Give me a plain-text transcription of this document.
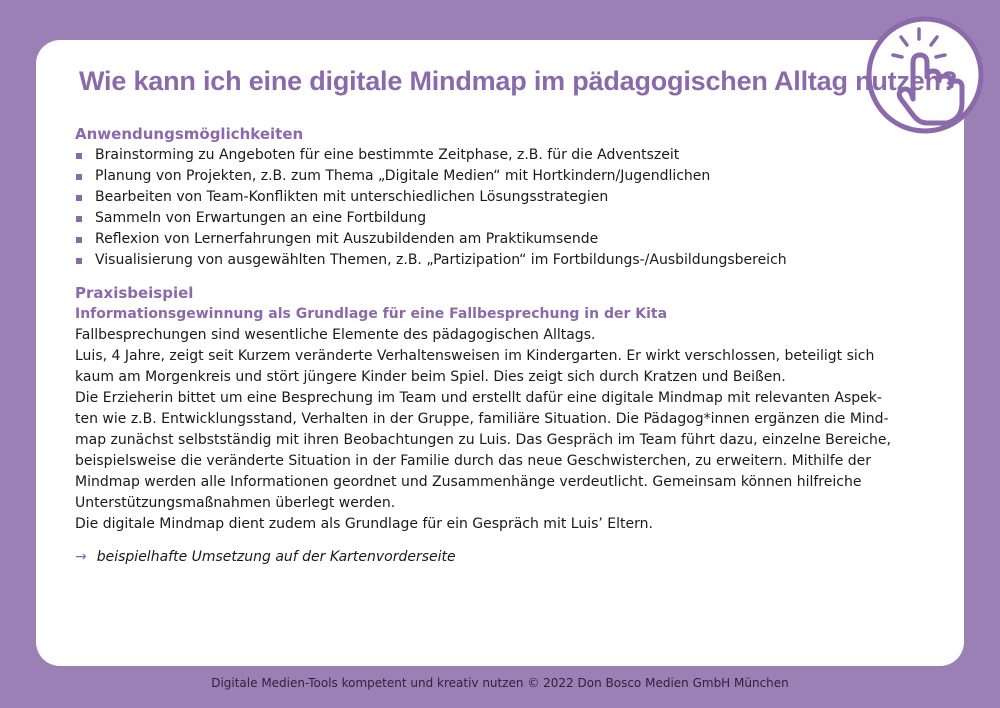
Wie kann ich eine digitale Mindmap im pädagogischen Alltag nutzen?
Anwendungsmöglichkeiten
Brainstorming zu Angeboten für eine bestimmte Zeitphase, z.B. für die Adventszeit
Planung von Projekten, z.B. zum Thema „Digitale Medien“ mit Hortkindern/Jugendlichen
Bearbeiten von Team-Konflikten mit unterschiedlichen Lösungsstrategien
Sammeln von Erwartungen an eine Fortbildung
Reflexion von Lernerfahrungen mit Auszubildenden am Praktikumsende
Visualisierung von ausgewählten Themen, z.B. „Partizipation“ im Fortbildungs-/Ausbildungsbereich
Praxisbeispiel
Informationsgewinnung als Grundlage für eine Fallbesprechung in der Kita

Fallbesprechungen sind wesentliche Elemente des pädagogischen Alltags.

Luis, 4 Jahre, zeigt seit Kurzem veränderte Verhaltensweisen im Kindergarten. Er wirkt verschlossen, beteiligt sich

kaum am Morgenkreis und stört jüngere Kinder beim Spiel. Dies zeigt sich durch Kratzen und Beißen.

Die Erzieherin bittet um eine Besprechung im Team und erstellt dafür eine digitale Mindmap mit relevanten Aspek-

ten wie z.B. Entwicklungsstand, Verhalten in der Gruppe, familiäre Situation. Die Pädagog*innen ergänzen die Mind-

map zunächst selbstständig mit ihren Beobachtungen zu Luis. Das Gespräch im Team führt dazu, einzelne Bereiche,

beispielsweise die veränderte Situation in der Familie durch das neue Geschwisterchen, zu erweitern. Mithilfe der

Mindmap werden alle Informationen geordnet und Zusammenhänge verdeutlicht. Gemeinsam können hilfreiche

Unterstützungsmaßnahmen überlegt werden.

Die digitale Mindmap dient zudem als Grundlage für ein Gespräch mit Luis’ Eltern.

→ beispielhafte Umsetzung auf der Kartenvorderseite
Digitale Medien-Tools kompetent und kreativ nutzen © 2022 Don Bosco Medien GmbH München
